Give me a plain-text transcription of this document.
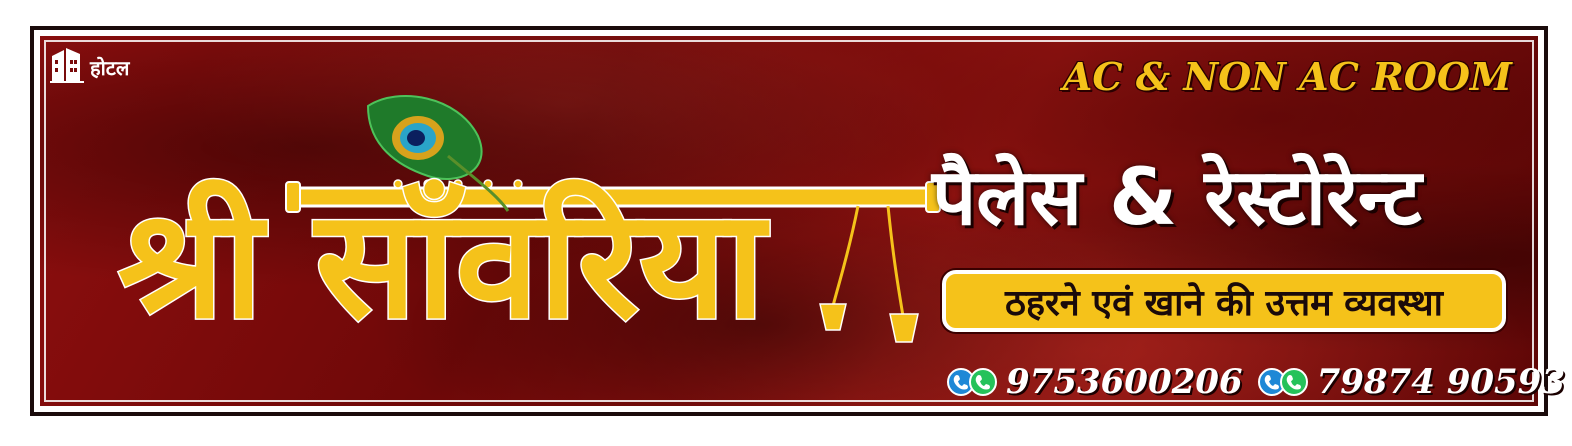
होटल
श्री साँवरिया
AC & NON AC ROOM
पैलेस & रेस्टोरेन्ट
ठहरने एवं खाने की उत्तम व्यवस्था
9753600206 79874 90593
